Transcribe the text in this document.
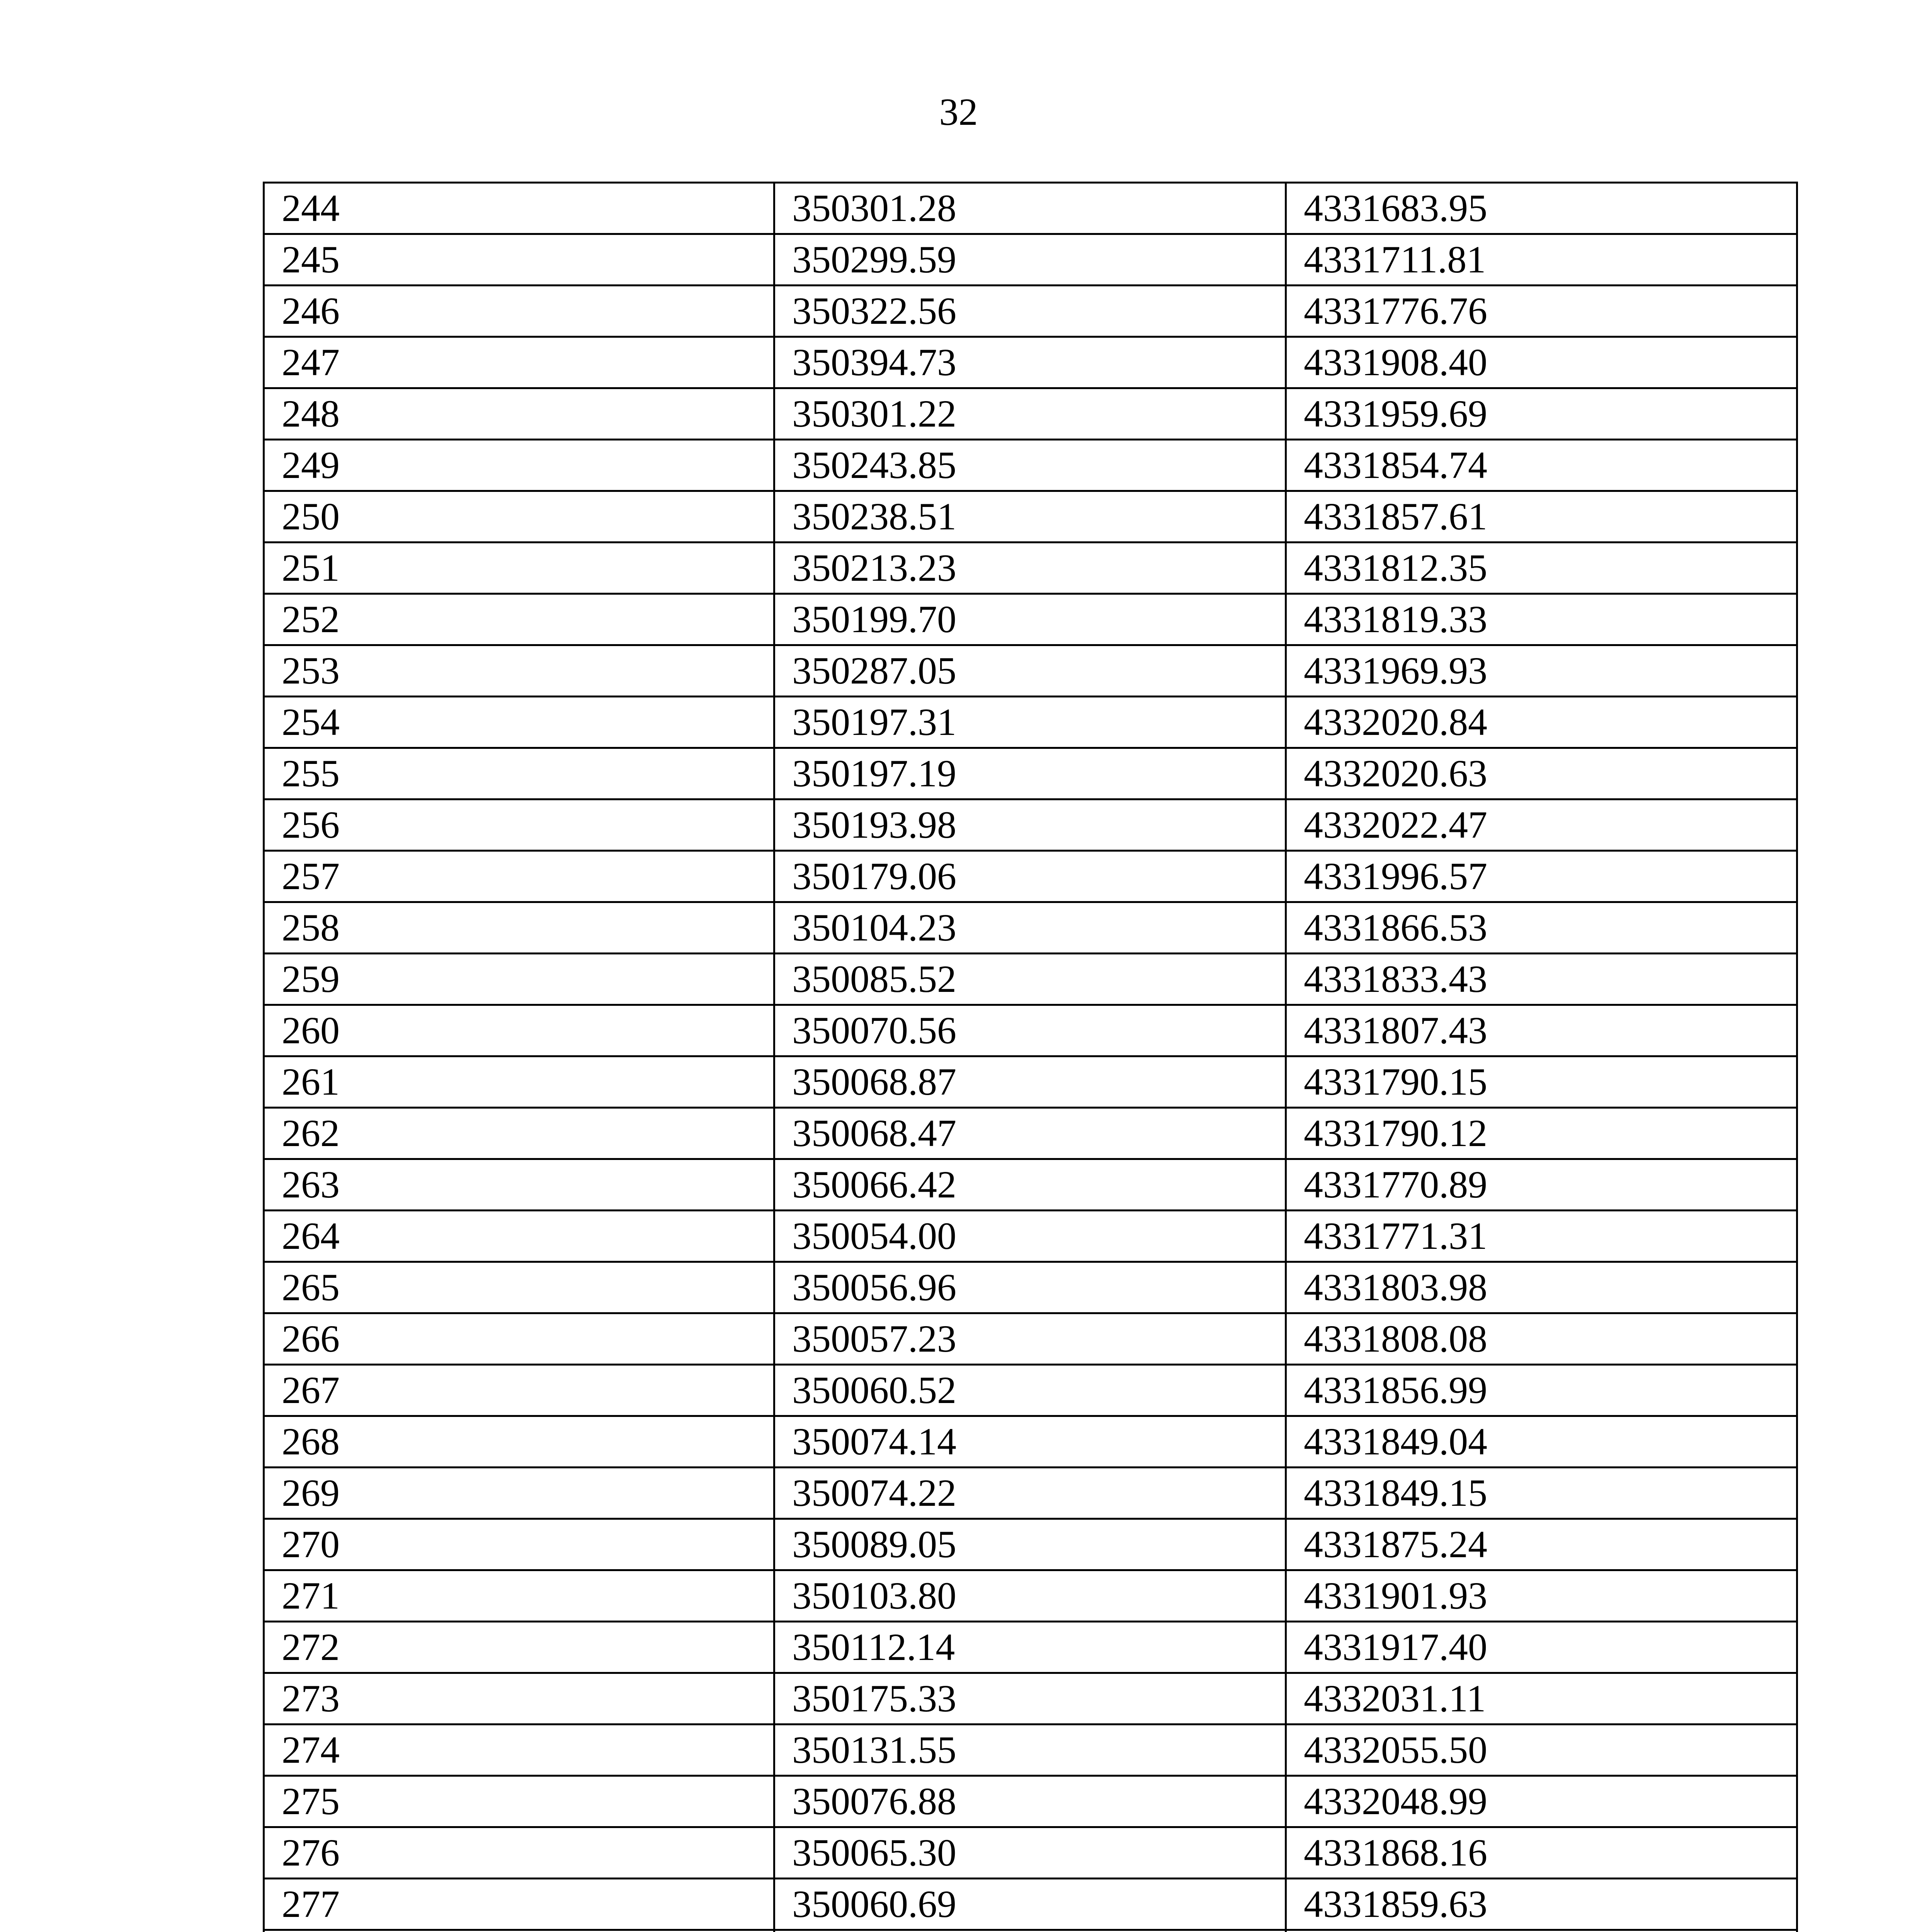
32
244	350301.28	4331683.95
245	350299.59	4331711.81
246	350322.56	4331776.76
247	350394.73	4331908.40
248	350301.22	4331959.69
249	350243.85	4331854.74
250	350238.51	4331857.61
251	350213.23	4331812.35
252	350199.70	4331819.33
253	350287.05	4331969.93
254	350197.31	4332020.84
255	350197.19	4332020.63
256	350193.98	4332022.47
257	350179.06	4331996.57
258	350104.23	4331866.53
259	350085.52	4331833.43
260	350070.56	4331807.43
261	350068.87	4331790.15
262	350068.47	4331790.12
263	350066.42	4331770.89
264	350054.00	4331771.31
265	350056.96	4331803.98
266	350057.23	4331808.08
267	350060.52	4331856.99
268	350074.14	4331849.04
269	350074.22	4331849.15
270	350089.05	4331875.24
271	350103.80	4331901.93
272	350112.14	4331917.40
273	350175.33	4332031.11
274	350131.55	4332055.50
275	350076.88	4332048.99
276	350065.30	4331868.16
277	350060.69	4331859.63
